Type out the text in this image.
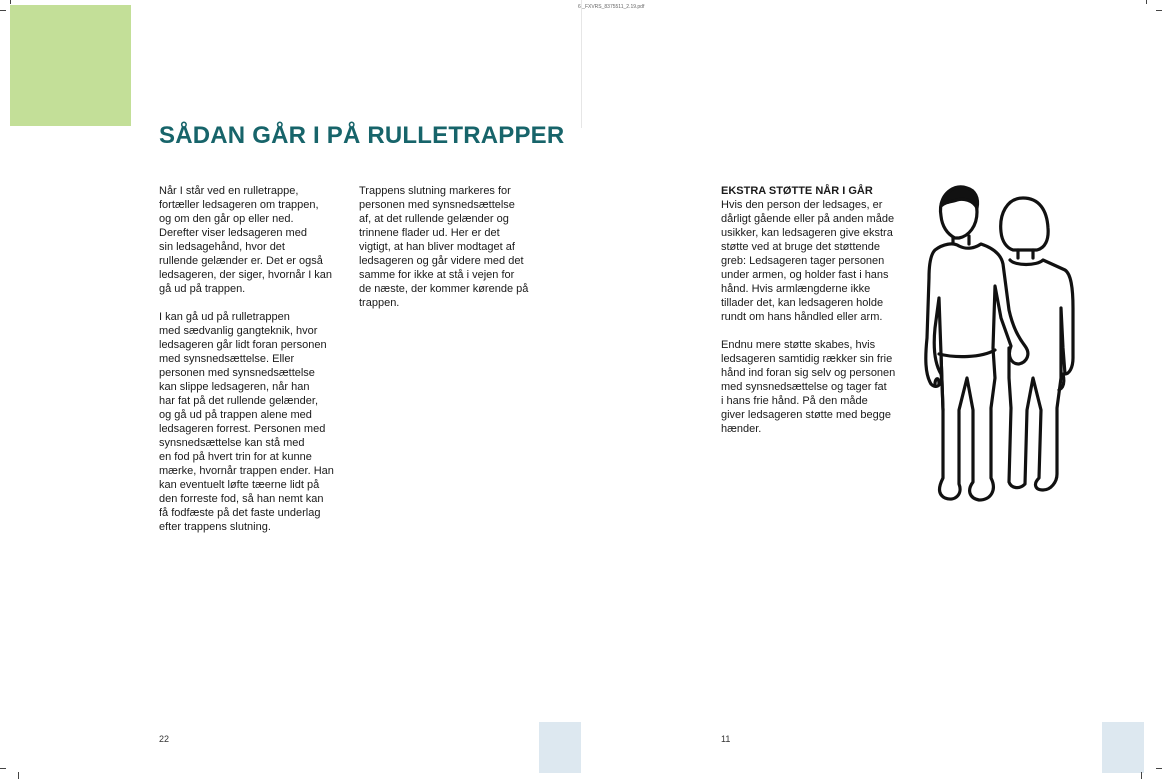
6 _FXVRS_8375511_2.19.pdf
SÅDAN GÅR I PÅ RULLETRAPPER

Når I står ved en rulletrappe,
fortæller ledsageren om trappen,
og om den går op eller ned.
Derefter viser ledsageren med
sin ledsagehånd, hvor det
rullende gelænder er. Det er også
ledsageren, der siger, hvornår I kan
gå ud på trappen.

I kan gå ud på rulletrappen
med sædvanlig gangteknik, hvor
ledsageren går lidt foran personen
med synsnedsættelse. Eller
personen med synsnedsættelse
kan slippe ledsageren, når han
har fat på det rullende gelænder,
og gå ud på trappen alene med
ledsageren forrest. Personen med
synsnedsættelse kan stå med
en fod på hvert trin for at kunne
mærke, hvornår trappen ender. Han
kan eventuelt løfte tæerne lidt på
den forreste fod, så han nemt kan
få fodfæste på det faste underlag
efter trappens slutning.

Trappens slutning markeres for
personen med synsnedsættelse
af, at det rullende gelænder og
trinnene flader ud. Her er det
vigtigt, at han bliver modtaget af
ledsageren og går videre med det
samme for ikke at stå i vejen for
de næste, der kommer kørende på
trappen.

22

EKSTRA STØTTE NÅR I GÅR

Hvis den person der ledsages, er
dårligt gående eller på anden måde
usikker, kan ledsageren give ekstra
støtte ved at bruge det støttende
greb: Ledsageren tager personen
under armen, og holder fast i hans
hånd. Hvis armlængderne ikke
tillader det, kan ledsageren holde
rundt om hans håndled eller arm.

Endnu mere støtte skabes, hvis
ledsageren samtidig rækker sin frie
hånd ind foran sig selv og personen
med synsnedsættelse og tager fat
i hans frie hånd. På den måde
giver ledsageren støtte med begge
hænder.

11
